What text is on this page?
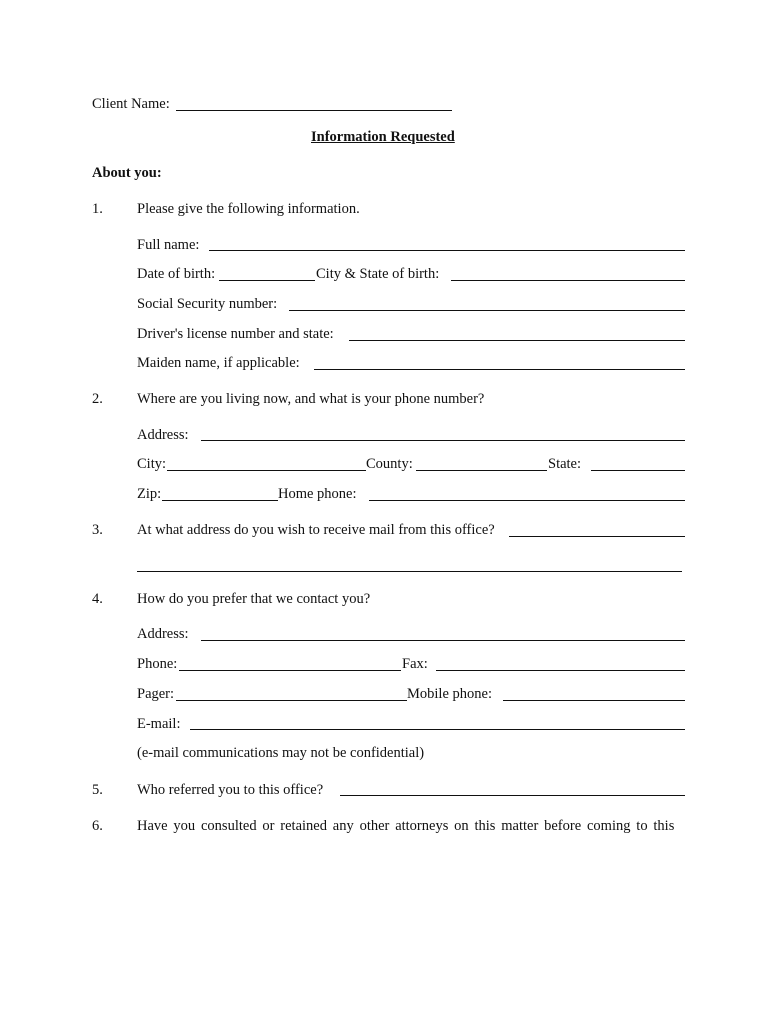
Client Name:
Information Requested
About you:
1. Please give the following information.
Full name:
Date of birth:	City & State of birth:
Social Security number:
Driver's license number and state:
Maiden name, if applicable:
2. Where are you living now, and what is your phone number?
Address:
City:	County:	State:
Zip:	Home phone:
3. At what address do you wish to receive mail from this office?
4. How do you prefer that we contact you?
Address:
Phone:	Fax:
Pager:	Mobile phone:
E-mail:
(e-mail communications may not be confidential)
5. Who referred you to this office?
6. Have you consulted or retained any other attorneys on this matter before coming to this
